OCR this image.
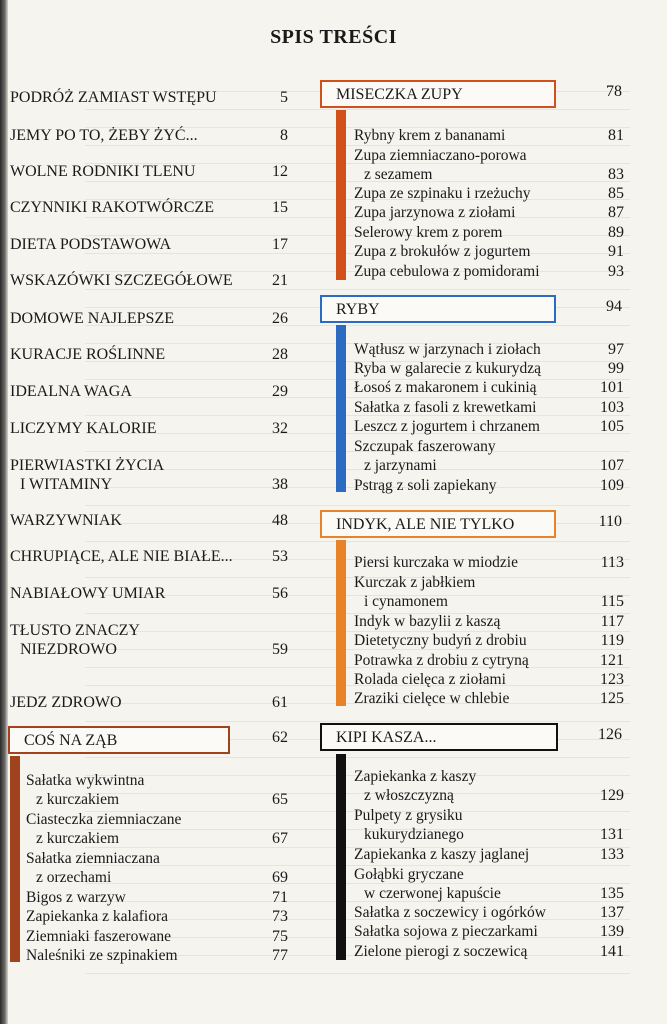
SPIS TREŚCI
PODRÓŻ ZAMIAST WSTĘPU	5
JEMY PO TO, ŻEBY ŻYĆ...	8
WOLNE RODNIKI TLENU	12
CZYNNIKI RAKOTWÓRCZE	15
DIETA PODSTAWOWA	17
WSKAZÓWKI SZCZEGÓŁOWE 21
DOMOWE NAJLEPSZE	26
KURACJE ROŚLINNE	28
IDEALNA WAGA	29
LICZYMY KALORIE	32
PIERWIASTKI ŻYCIA
I WITAMINY	38
WARZYWNIAK	48
CHRUPIĄCE, ALE NIE BIAŁE... 53
NABIAŁOWY UMIAR	56
TŁUSTO ZNACZY
NIEZDROWO	59
JEDZ ZDROWO	61
COŚ NA ZĄB	62
Sałatka wykwintna
z kurczakiem	65
Ciasteczka ziemniaczane
z kurczakiem	67
Sałatka ziemniaczana
z orzechami	69
Bigos z warzyw	71
Zapiekanka z kalafiora	73
Ziemniaki faszerowane	75
Naleśniki ze szpinakiem	77
MISECZKA ZUPY	78
Rybny krem z bananami	81
Zupa ziemniaczano-porowa
z sezamem	83
Zupa ze szpinaku i rzeżuchy	85
Zupa jarzynowa z ziołami	87
Selerowy krem z porem	89
Zupa z brokułów z jogurtem	91
Zupa cebulowa z pomidorami	93
RYBY	94
Wątłusz w jarzynach i ziołach	97
Ryba w galarecie z kukurydzą	99
Łosoś z makaronem i cukinią	101
Sałatka z fasoli z krewetkami	103
Leszcz z jogurtem i chrzanem	105
Szczupak faszerowany
z jarzynami	107
Pstrąg z soli zapiekany	109
INDYK, ALE NIE TYLKO	110
Piersi kurczaka w miodzie	113
Kurczak z jabłkiem
i cynamonem	115
Indyk w bazylii z kaszą	117
Dietetyczny budyń z drobiu	119
Potrawka z drobiu z cytryną	121
Rolada cielęca z ziołami	123
Zraziki cielęce w chlebie	125
KIPI KASZA...	126
Zapiekanka z kaszy
z włoszczyzną	129
Pulpety z grysiku
kukurydzianego	131
Zapiekanka z kaszy jaglanej	133
Gołąbki gryczane
w czerwonej kapuście	135
Sałatka z soczewicy i ogórków	137
Sałatka sojowa z pieczarkami	139
Zielone pierogi z soczewicą	141
